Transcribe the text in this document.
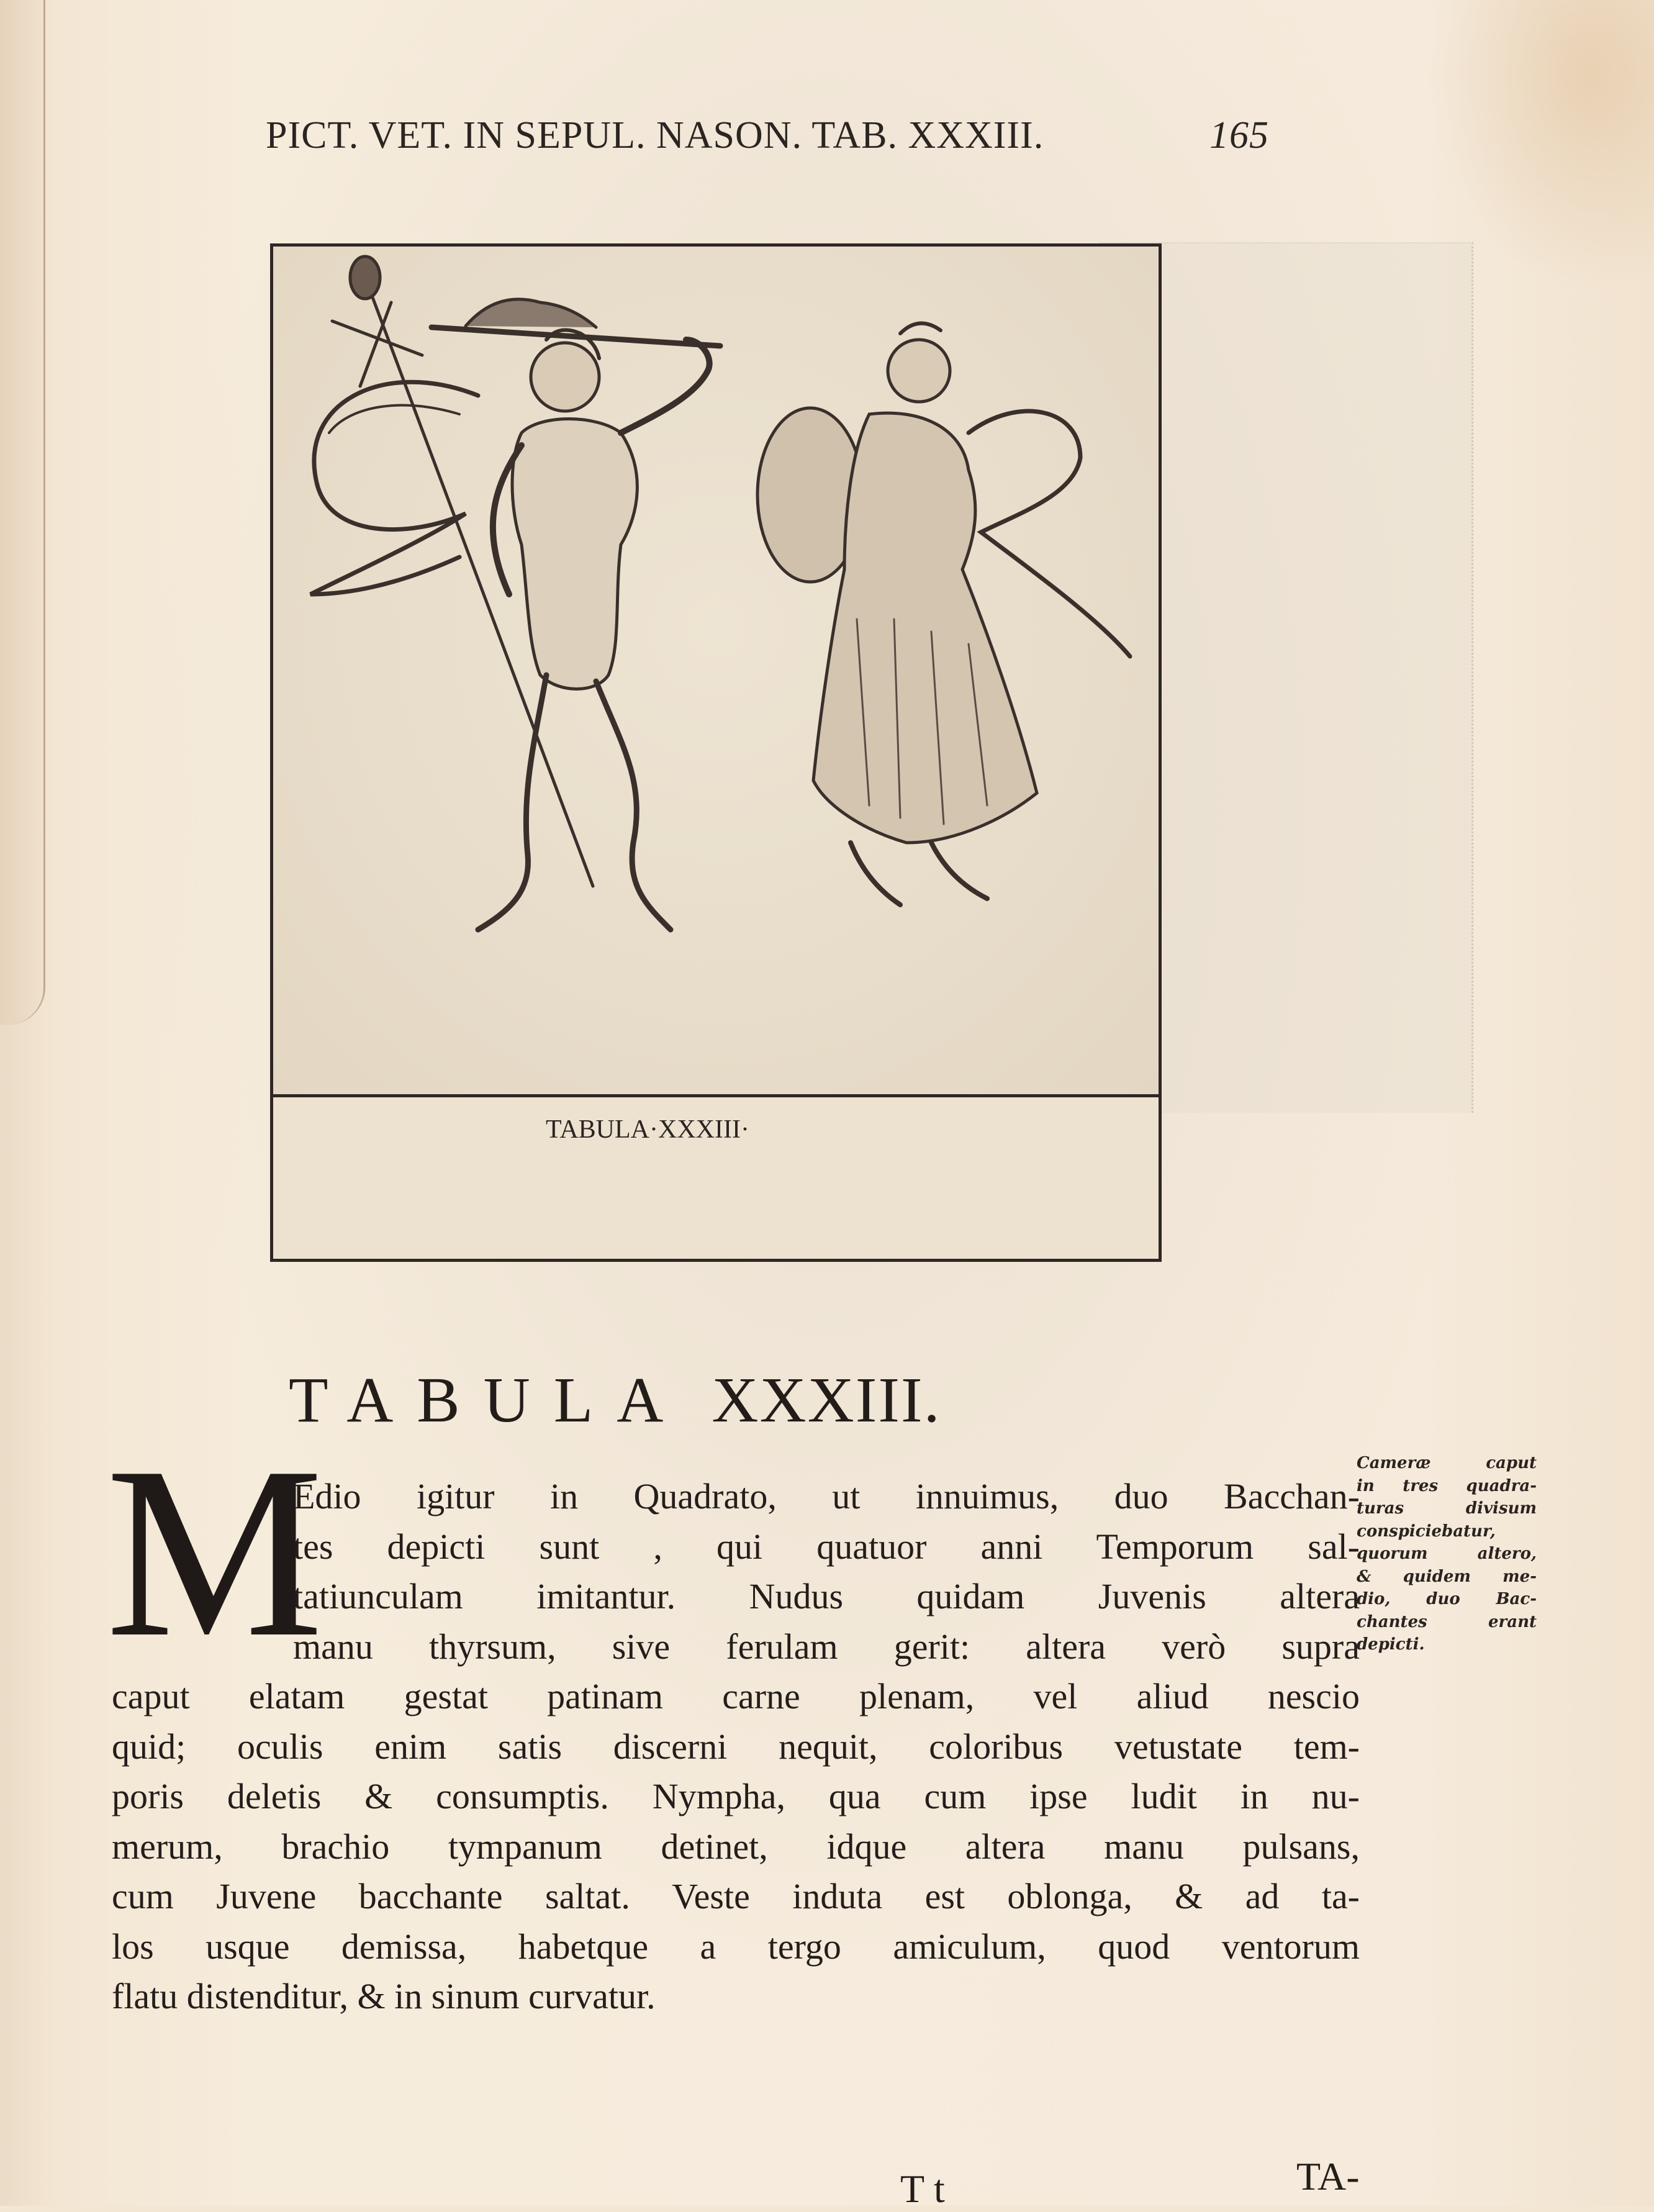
PICT. VET. IN SEPUL. NASON. TAB. XXXIII.	165
TABULA·XXXIII·
TABULA XXXIII.
M
Edio igitur in Quadrato, ut innuimus, duo Bacchan-
tes depicti sunt , qui quatuor anni Temporum sal-
tatiunculam imitantur. Nudus quidam Juvenis altera
manu thyrsum, sive ferulam gerit: altera verò supra
caput elatam gestat patinam carne plenam, vel aliud nescio
quid; oculis enim satis discerni nequit, coloribus vetustate tem-
poris deletis & consumptis. Nympha, qua cum ipse ludit in nu-
merum, brachio tympanum detinet, idque altera manu pulsans,
cum Juvene bacchante saltat. Veste induta est oblonga, & ad ta-
los usque demissa, habetque a tergo amiculum, quod ventorum
flatu distenditur, & in sinum curvatur.
Cameræ caput
in tres quadra-
turas divisum
conspiciebatur,
quorum altero,
& quidem me-
dio, duo Bac-
chantes erant
depicti.
T t	TA-
